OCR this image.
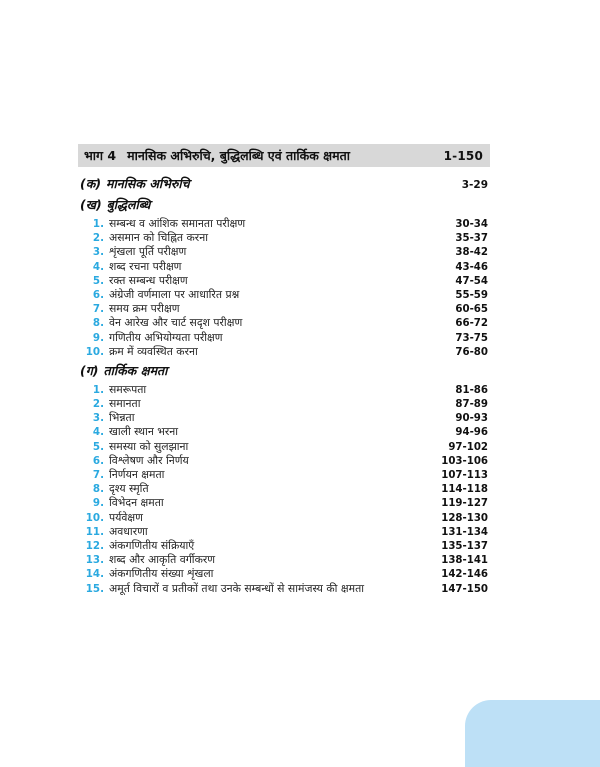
भाग 4 मानसिक अभिरुचि, बुद्धिलब्धि एवं तार्किक क्षमता	1-150
(क) मानसिक अभिरुचि	3-29
(ख) बुद्धिलब्धि
1. सम्बन्ध व आंशिक समानता परीक्षण	30-34
2. असमान को चिह्नित करना	35-37
3. शृंखला पूर्ति परीक्षण	38-42
4. शब्द रचना परीक्षण	43-46
5. रक्त सम्बन्ध परीक्षण	47-54
6. अंग्रेजी वर्णमाला पर आधारित प्रश्न	55-59
7. समय क्रम परीक्षण	60-65
8. वेन आरेख और चार्ट सदृश परीक्षण	66-72
9. गणितीय अभियोग्यता परीक्षण	73-75
10. क्रम में व्यवस्थित करना	76-80
(ग) तार्किक क्षमता
1. समरूपता	81-86
2. समानता	87-89
3. भिन्नता	90-93
4. खाली स्थान भरना	94-96
5. समस्या को सुलझाना	97-102
6. विश्लेषण और निर्णय	103-106
7. निर्णयन क्षमता	107-113
8. दृश्य स्मृति	114-118
9. विभेदन क्षमता	119-127
10. पर्यवेक्षण	128-130
11. अवधारणा	131-134
12. अंकगणितीय संक्रियाएँ	135-137
13. शब्द और आकृति वर्गीकरण	138-141
14. अंकगणितीय संख्या शृंखला	142-146
15. अमूर्त विचारों व प्रतीकों तथा उनके सम्बन्धों से सामंजस्य की क्षमता	147-150
